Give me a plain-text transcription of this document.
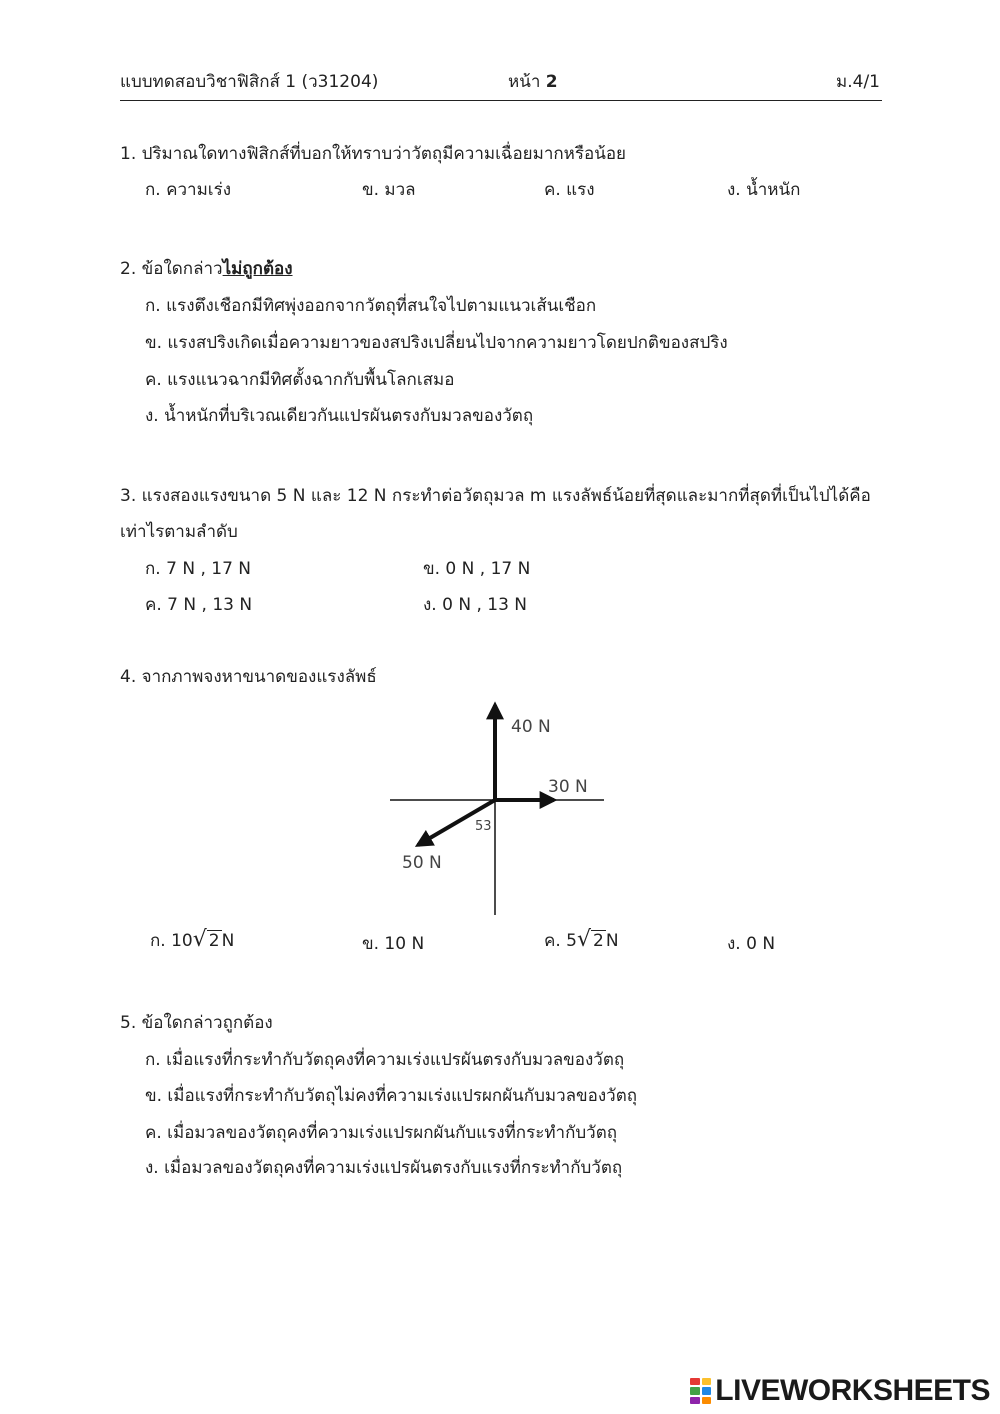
แบบทดสอบวิชาฟิสิกส์ 1 (ว31204)	หน้า 2	ม.4/1
1. ปริมาณใดทางฟิสิกส์ที่บอกให้ทราบว่าวัตถุมีความเฉื่อยมากหรือน้อย
ก. ความเร่ง	ข. มวล	ค. แรง	ง. น้ำหนัก
2. ข้อใดกล่าวไม่ถูกต้อง
ก. แรงตึงเชือกมีทิศพุ่งออกจากวัตถุที่สนใจไปตามแนวเส้นเชือก
ข. แรงสปริงเกิดเมื่อความยาวของสปริงเปลี่ยนไปจากความยาวโดยปกติของสปริง
ค. แรงแนวฉากมีทิศตั้งฉากกับพื้นโลกเสมอ
ง. น้ำหนักที่บริเวณเดียวกันแปรผันตรงกับมวลของวัตถุ
3. แรงสองแรงขนาด 5 N และ 12 N กระทำต่อวัตถุมวล m แรงลัพธ์น้อยที่สุดและมากที่สุดที่เป็นไปได้คือ
เท่าไรตามลำดับ
ก. 7 N , 17 N	ข. 0 N , 17 N
ค. 7 N , 13 N	ง. 0 N , 13 N
4. จากภาพจงหาขนาดของแรงลัพธ์
40 N
30 N
50 N
53
ก. 10√ 2 N	ข. 10 N	ค. 5√ 2 N	ง. 0 N
5. ข้อใดกล่าวถูกต้อง
ก. เมื่อแรงที่กระทำกับวัตถุคงที่ความเร่งแปรผันตรงกับมวลของวัตถุ
ข. เมื่อแรงที่กระทำกับวัตถุไม่คงที่ความเร่งแปรผกผันกับมวลของวัตถุ
ค. เมื่อมวลของวัตถุคงที่ความเร่งแปรผกผันกับแรงที่กระทำกับวัตถุ
ง. เมื่อมวลของวัตถุคงที่ความเร่งแปรผันตรงกับแรงที่กระทำกับวัตถุ
LIVEWORKSHEETS
